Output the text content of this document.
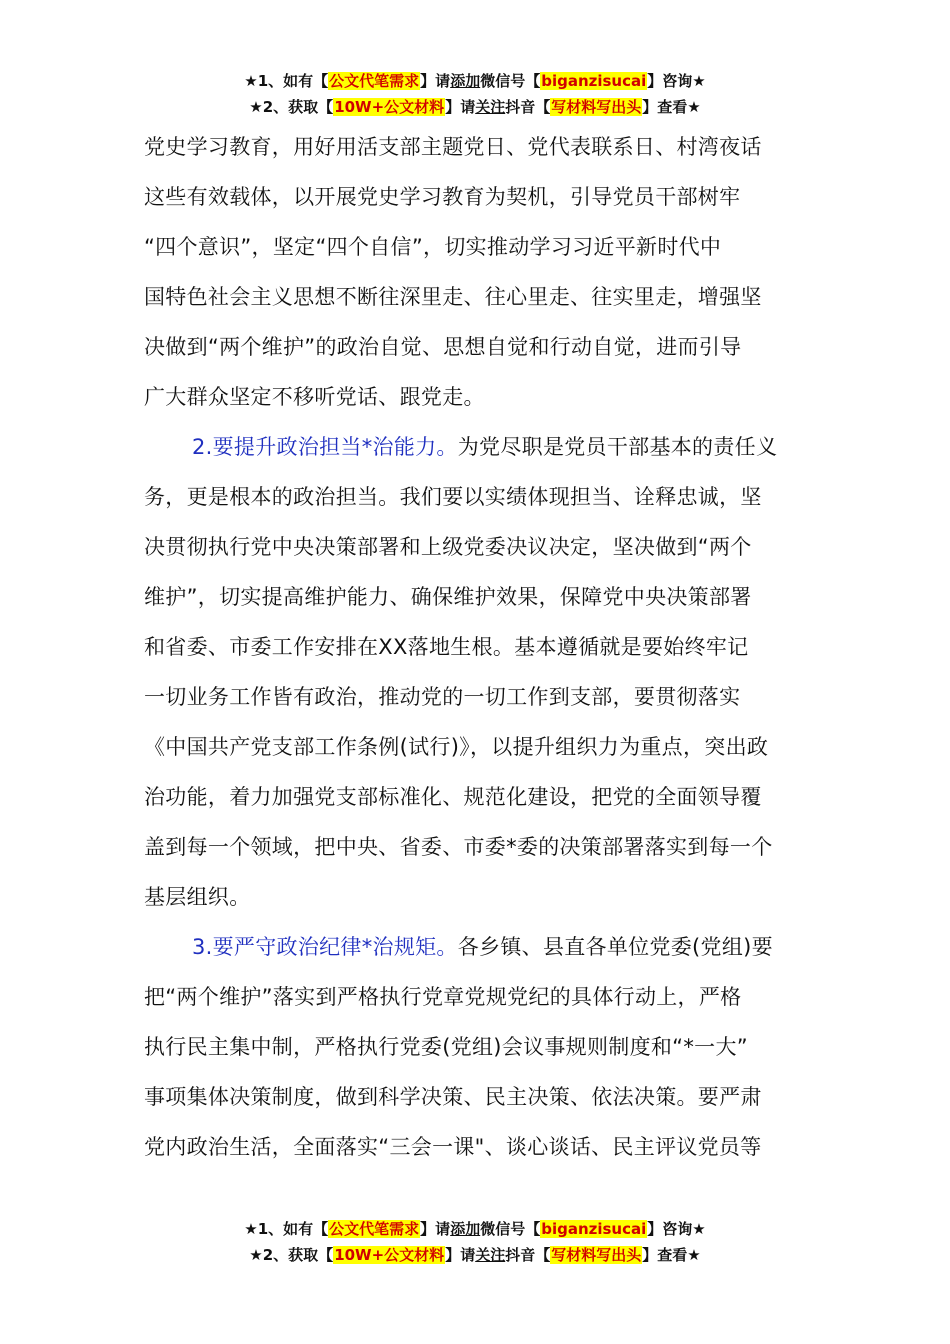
★1、如有【公文代笔需求】请添加微信号【biganzisucai】咨询★
★2、获取【10W+公文材料】请关注抖音【写材料写出头】查看★

党史学习教育，用好用活支部主题党日、党代表联系日、村湾夜话
这些有效载体，以开展党史学习教育为契机，引导党员干部树牢
“四个意识”，坚定“四个自信”，切实推动学习习近平新时代中
国特色社会主义思想不断往深里走、往心里走、往实里走，增强坚
决做到“两个维护”的政治自觉、思想自觉和行动自觉，进而引导
广大群众坚定不移听党话、跟党走。

2.要提升政治担当*治能力。为党尽职是党员干部基本的责任义
务，更是根本的政治担当。我们要以实绩体现担当、诠释忠诚，坚
决贯彻执行党中央决策部署和上级党委决议决定，坚决做到“两个
维护”，切实提高维护能力、确保维护效果，保障党中央决策部署
和省委、市委工作安排在XX落地生根。基本遵循就是要始终牢记
一切业务工作皆有政治，推动党的一切工作到支部，要贯彻落实
《中国共产党支部工作条例(试行)》，以提升组织力为重点，突出政
治功能，着力加强党支部标准化、规范化建设，把党的全面领导覆
盖到每一个领域，把中央、省委、市委*委的决策部署落实到每一个
基层组织。

3.要严守政治纪律*治规矩。各乡镇、县直各单位党委(党组)要
把“两个维护”落实到严格执行党章党规党纪的具体行动上，严格
执行民主集中制，严格执行党委(党组)会议事规则制度和“*一大”
事项集体决策制度，做到科学决策、民主决策、依法决策。要严肃
党内政治生活，全面落实“三会一课"、谈心谈话、民主评议党员等

★1、如有【公文代笔需求】请添加微信号【biganzisucai】咨询★
★2、获取【10W+公文材料】请关注抖音【写材料写出头】查看★
